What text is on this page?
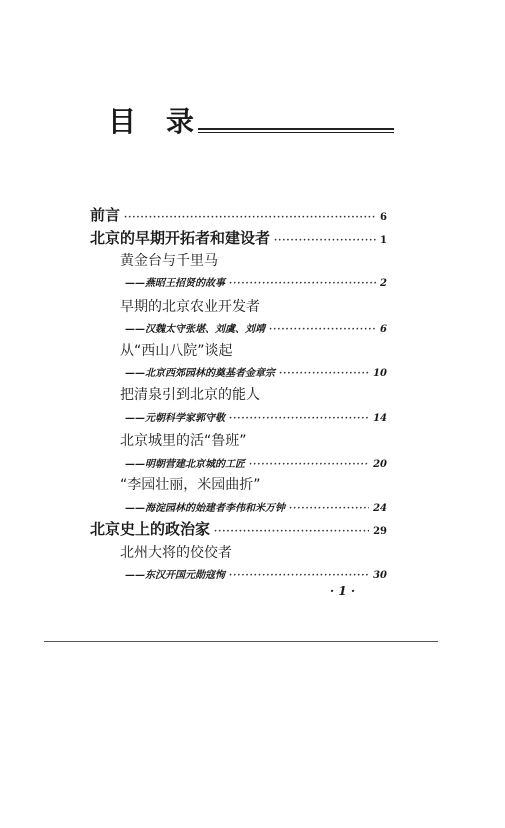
目 录
前言 ·····	6
北京的早期开拓者和建设者 ·····	1
黄金台与千里马
——燕昭王招贤的故事 ·····	2
早期的北京农业开发者
——汉魏太守张堪、刘虞、刘靖 ·····	6
从“西山八院”谈起
——北京西郊园林的奠基者金章宗 ·····	10
把清泉引到北京的能人
——元朝科学家郭守敬 ·····	14
北京城里的活“鲁班”
——明朝营建北京城的工匠 ·····	20
“李园壮丽，米园曲折”
——海淀园林的始建者李伟和米万钟 ·····	24
北京史上的政治家 ·····	29
北州大将的佼佼者
——东汉开国元勋寇恂 ·····	30
· 1 ·
